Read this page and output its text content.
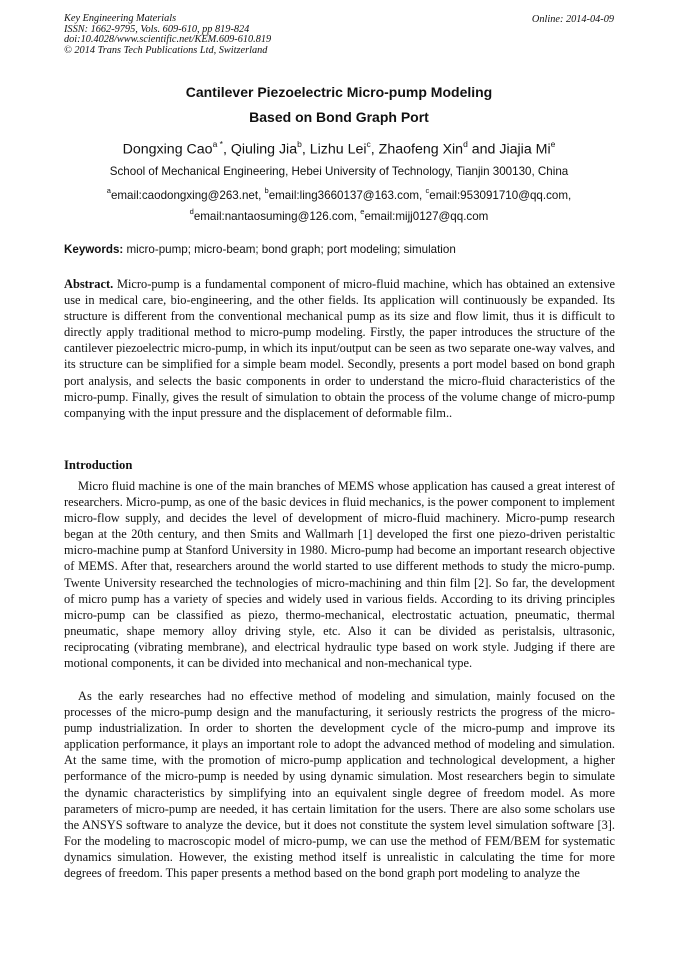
Key Engineering Materials
ISSN: 1662-9795, Vols. 609-610, pp 819-824
doi:10.4028/www.scientific.net/KEM.609-610.819
© 2014 Trans Tech Publications Ltd, Switzerland
Online: 2014-04-09
Cantilever Piezoelectric Micro-pump Modeling
Based on Bond Graph Port
Dongxing Cao$^{a *}$, Qiuling Jia$^b$, Lizhu Lei$^c$, Zhaofeng Xin$^d$ and Jiajia Mi$^e$
School of Mechanical Engineering, Hebei University of Technology, Tianjin 300130, China
$^a$email:caodongxing@263.net, $^b$email:ling3660137@163.com, $^c$email:953091710@qq.com,
$^d$email:nantaosuming@126.com, $^e$email:mijj0127@qq.com
Keywords: micro-pump; micro-beam; bond graph; port modeling; simulation

Abstract. Micro-pump is a fundamental component of micro-fluid machine, which has obtained an extensive use in medical care, bio-engineering, and the other fields. Its application will continuously be expanded. Its structure is different from the conventional mechanical pump as its size and flow limit, thus it is difficult to directly apply traditional method to micro-pump modeling. Firstly, the paper introduces the structure of the cantilever piezoelectric micro-pump, in which its input/output can be seen as two separate one-way valves, and its structure can be simplified for a simple beam model. Secondly, presents a port model based on bond graph port analysis, and selects the basic components in order to understand the micro-fluid characteristics of the micro-pump. Finally, gives the result of simulation to obtain the process of the volume change of micro-pump companying with the input pressure and the displacement of deformable film..

Introduction

Micro fluid machine is one of the main branches of MEMS whose application has caused a great interest of researchers. Micro-pump, as one of the basic devices in fluid mechanics, is the power component to implement micro-flow supply, and decides the level of development of micro-fluid machinery. Micro-pump research began at the 20th century, and then Smits and Wallmarh [1] developed the first one piezo-driven peristaltic micro-machine pump at Stanford University in 1980. Micro-pump had become an important research objective of MEMS. After that, researchers around the world started to use different methods to study the micro-pump. Twente University researched the technologies of micro-machining and thin film [2]. So far, the development of micro pump has a variety of species and widely used in various fields. According to its driving principles micro-pump can be classified as piezo, thermo-mechanical, electrostatic actuation, pneumatic, thermal pneumatic, shape memory alloy driving style, etc. Also it can be divided as peristalsis, ultrasonic, reciprocating (vibrating membrane), and electrical hydraulic type based on work style. Judging if there are motional components, it can be divided into mechanical and non-mechanical type.

As the early researches had no effective method of modeling and simulation, mainly focused on the processes of the micro-pump design and the manufacturing, it seriously restricts the progress of the micro-pump industrialization. In order to shorten the development cycle of the micro-pump and improve its application performance, it plays an important role to adopt the advanced method of modeling and simulation. At the same time, with the promotion of micro-pump application and technological development, a higher performance of the micro-pump is needed by using dynamic simulation. Most researchers begin to simulate the dynamic characteristics by simplifying into an equivalent single degree of freedom model. As more parameters of micro-pump are needed, it has certain limitation for the users. There are also some scholars use the ANSYS software to analyze the device, but it does not constitute the system level simulation software [3]. For the modeling to macroscopic model of micro-pump, we can use the method of FEM/BEM for systematic dynamics simulation. However, the existing method itself is unrealistic in calculating the time for more degrees of freedom. This paper presents a method based on the bond graph port modeling to analyze the
